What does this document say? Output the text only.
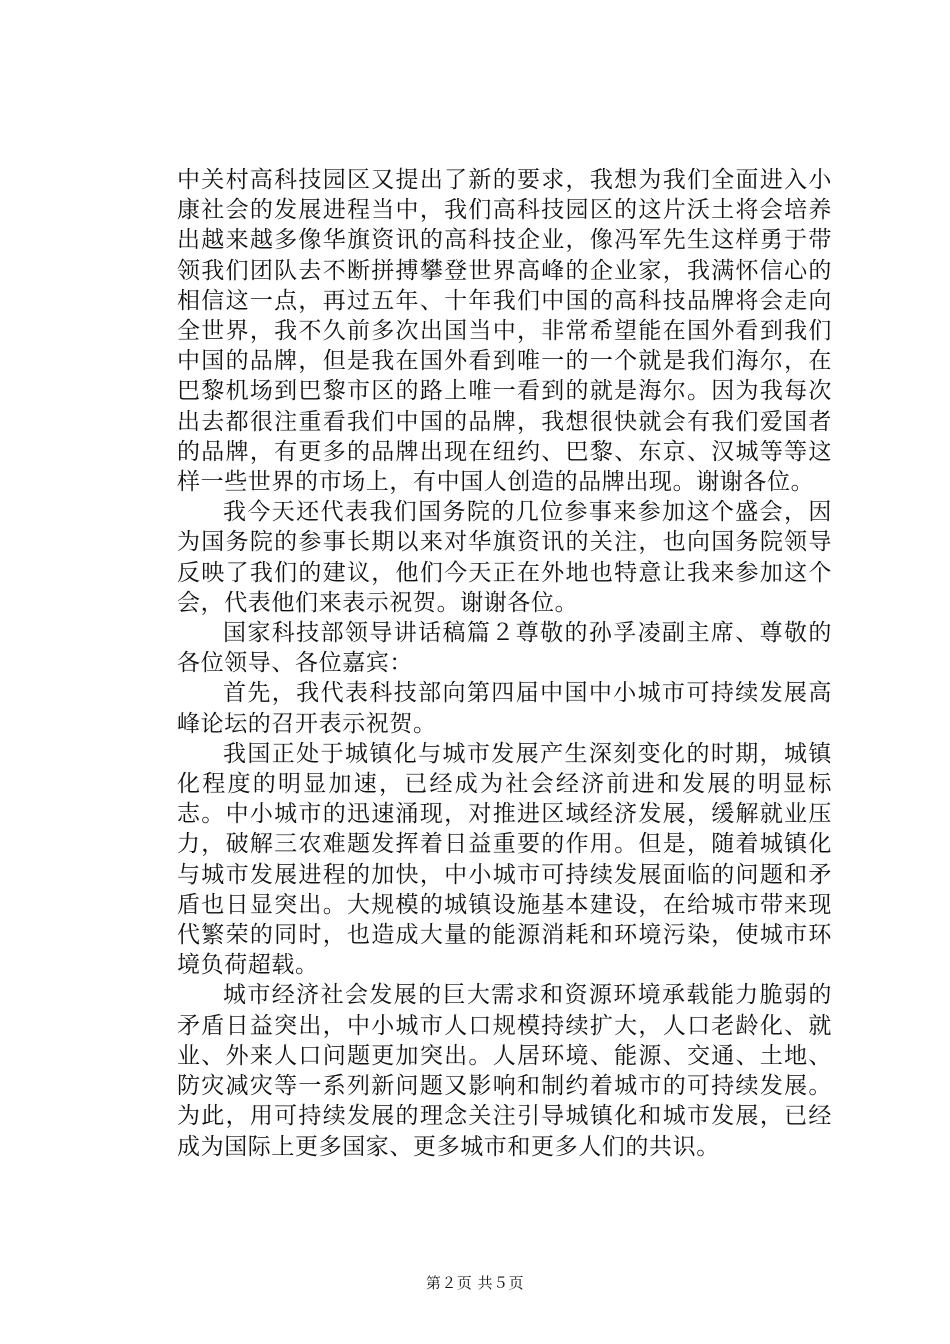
中关村高科技园区又提出了新的要求，我想为我们全面进入小康社会的发展进程当中，我们高科技园区的这片沃土将会培养出越来越多像华旗资讯的高科技企业，像冯军先生这样勇于带领我们团队去不断拼搏攀登世界高峰的企业家，我满怀信心的相信这一点，再过五年、十年我们中国的高科技品牌将会走向全世界，我不久前多次出国当中，非常希望能在国外看到我们中国的品牌，但是我在国外看到唯一的一个就是我们海尔，在巴黎机场到巴黎市区的路上唯一看到的就是海尔。因为我每次出去都很注重看我们中国的品牌，我想很快就会有我们爱国者的品牌，有更多的品牌出现在纽约、巴黎、东京、汉城等等这样一些世界的市场上，有中国人创造的品牌出现。谢谢各位。

我今天还代表我们国务院的几位参事来参加这个盛会，因为国务院的参事长期以来对华旗资讯的关注，也向国务院领导反映了我们的建议，他们今天正在外地也特意让我来参加这个会，代表他们来表示祝贺。谢谢各位。

国家科技部领导讲话稿篇２尊敬的孙孚凌副主席、尊敬的各位领导、各位嘉宾：

首先，我代表科技部向第四届中国中小城市可持续发展高峰论坛的召开表示祝贺。

我国正处于城镇化与城市发展产生深刻变化的时期，城镇化程度的明显加速，已经成为社会经济前进和发展的明显标志。中小城市的迅速涌现，对推进区域经济发展，缓解就业压力，破解三农难题发挥着日益重要的作用。但是，随着城镇化与城市发展进程的加快，中小城市可持续发展面临的问题和矛盾也日显突出。大规模的城镇设施基本建设，在给城市带来现代繁荣的同时，也造成大量的能源消耗和环境污染，使城市环境负荷超载。

城市经济社会发展的巨大需求和资源环境承载能力脆弱的矛盾日益突出，中小城市人口规模持续扩大，人口老龄化、就业、外来人口问题更加突出。人居环境、能源、交通、土地、防灾减灾等一系列新问题又影响和制约着城市的可持续发展。为此，用可持续发展的理念关注引导城镇化和城市发展，已经成为国际上更多国家、更多城市和更多人们的共识。

第２页 共５页
